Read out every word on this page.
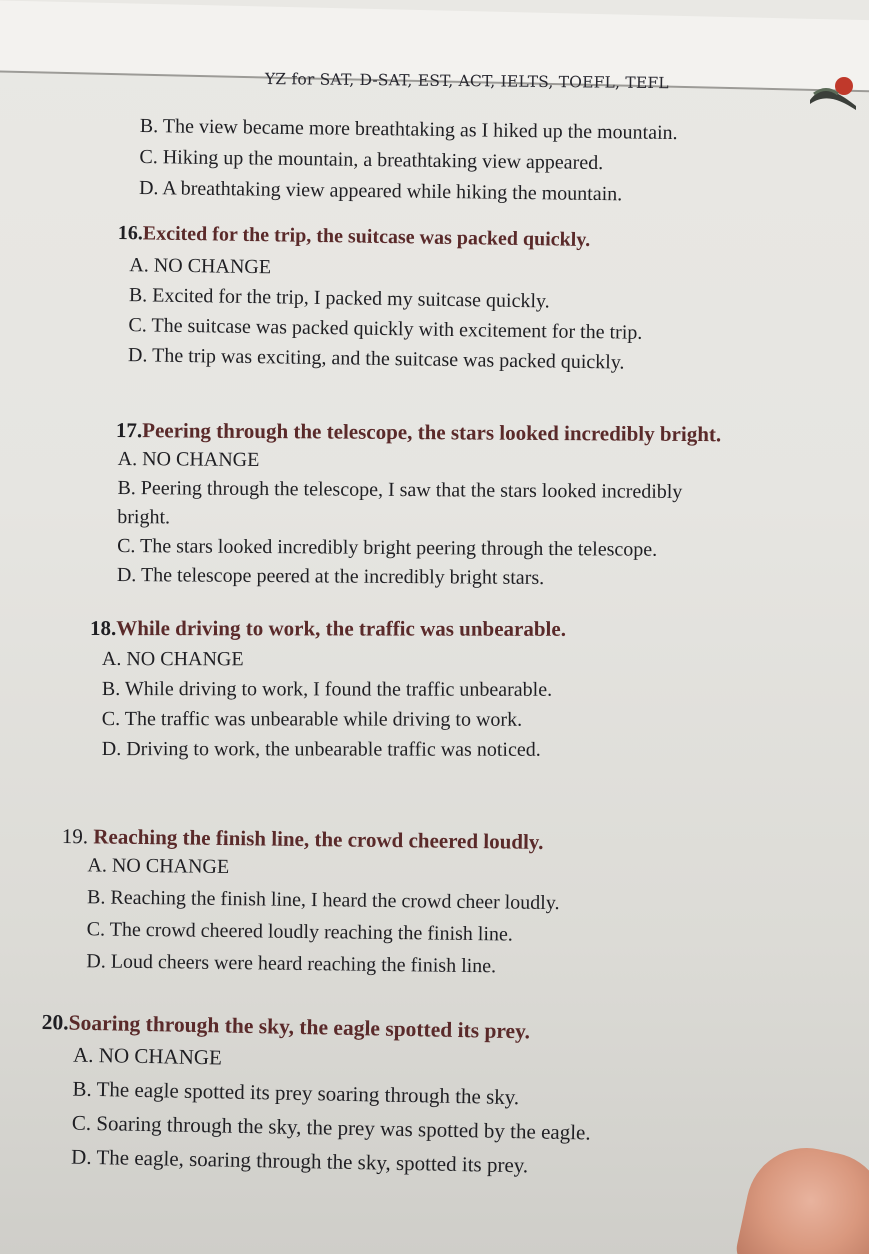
YZ for SAT, D-SAT, EST, ACT, IELTS, TOEFL, TEFL
B. The view became more breathtaking as I hiked up the mountain.
C. Hiking up the mountain, a breathtaking view appeared.
D. A breathtaking view appeared while hiking the mountain.
16.Excited for the trip, the suitcase was packed quickly.
A. NO CHANGE
B. Excited for the trip, I packed my suitcase quickly.
C. The suitcase was packed quickly with excitement for the trip.
D. The trip was exciting, and the suitcase was packed quickly.
17.Peering through the telescope, the stars looked incredibly bright.
A. NO CHANGE
B. Peering through the telescope, I saw that the stars looked incredibly
bright.
C. The stars looked incredibly bright peering through the telescope.
D. The telescope peered at the incredibly bright stars.
18.While driving to work, the traffic was unbearable.
A. NO CHANGE
B. While driving to work, I found the traffic unbearable.
C. The traffic was unbearable while driving to work.
D. Driving to work, the unbearable traffic was noticed.
19. Reaching the finish line, the crowd cheered loudly.
A. NO CHANGE
B. Reaching the finish line, I heard the crowd cheer loudly.
C. The crowd cheered loudly reaching the finish line.
D. Loud cheers were heard reaching the finish line.
20.Soaring through the sky, the eagle spotted its prey.
A. NO CHANGE
B. The eagle spotted its prey soaring through the sky.
C. Soaring through the sky, the prey was spotted by the eagle.
D. The eagle, soaring through the sky, spotted its prey.
